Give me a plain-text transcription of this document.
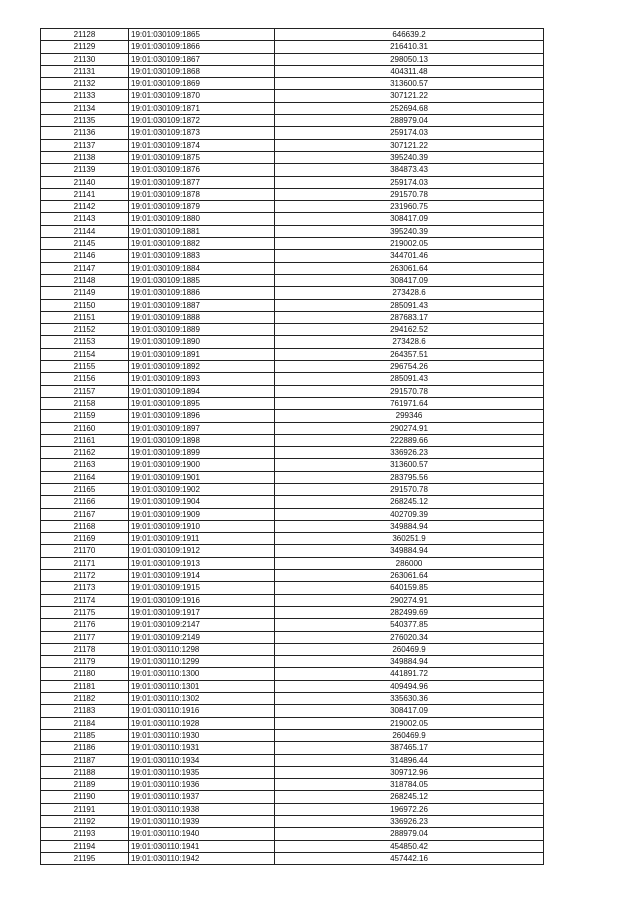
21128	19:01:030109:1865	646639.2
21129	19:01:030109:1866	216410.31
21130	19:01:030109:1867	298050.13
21131	19:01:030109:1868	404311.48
21132	19:01:030109:1869	313600.57
21133	19:01:030109:1870	307121.22
21134	19:01:030109:1871	252694.68
21135	19:01:030109:1872	288979.04
21136	19:01:030109:1873	259174.03
21137	19:01:030109:1874	307121.22
21138	19:01:030109:1875	395240.39
21139	19:01:030109:1876	384873.43
21140	19:01:030109:1877	259174.03
21141	19:01:030109:1878	291570.78
21142	19:01:030109:1879	231960.75
21143	19:01:030109:1880	308417.09
21144	19:01:030109:1881	395240.39
21145	19:01:030109:1882	219002.05
21146	19:01:030109:1883	344701.46
21147	19:01:030109:1884	263061.64
21148	19:01:030109:1885	308417.09
21149	19:01:030109:1886	273428.6
21150	19:01:030109:1887	285091.43
21151	19:01:030109:1888	287683.17
21152	19:01:030109:1889	294162.52
21153	19:01:030109:1890	273428.6
21154	19:01:030109:1891	264357.51
21155	19:01:030109:1892	296754.26
21156	19:01:030109:1893	285091.43
21157	19:01:030109:1894	291570.78
21158	19:01:030109:1895	761971.64
21159	19:01:030109:1896	299346
21160	19:01:030109:1897	290274.91
21161	19:01:030109:1898	222889.66
21162	19:01:030109:1899	336926.23
21163	19:01:030109:1900	313600.57
21164	19:01:030109:1901	283795.56
21165	19:01:030109:1902	291570.78
21166	19:01:030109:1904	268245.12
21167	19:01:030109:1909	402709.39
21168	19:01:030109:1910	349884.94
21169	19:01:030109:1911	360251.9
21170	19:01:030109:1912	349884.94
21171	19:01:030109:1913	286000
21172	19:01:030109:1914	263061.64
21173	19:01:030109:1915	640159.85
21174	19:01:030109:1916	290274.91
21175	19:01:030109:1917	282499.69
21176	19:01:030109:2147	540377.85
21177	19:01:030109:2149	276020.34
21178	19:01:030110:1298	260469.9
21179	19:01:030110:1299	349884.94
21180	19:01:030110:1300	441891.72
21181	19:01:030110:1301	409494.96
21182	19:01:030110:1302	335630.36
21183	19:01:030110:1916	308417.09
21184	19:01:030110:1928	219002.05
21185	19:01:030110:1930	260469.9
21186	19:01:030110:1931	387465.17
21187	19:01:030110:1934	314896.44
21188	19:01:030110:1935	309712.96
21189	19:01:030110:1936	318784.05
21190	19:01:030110:1937	268245.12
21191	19:01:030110:1938	196972.26
21192	19:01:030110:1939	336926.23
21193	19:01:030110:1940	288979.04
21194	19:01:030110:1941	454850.42
21195	19:01:030110:1942	457442.16
